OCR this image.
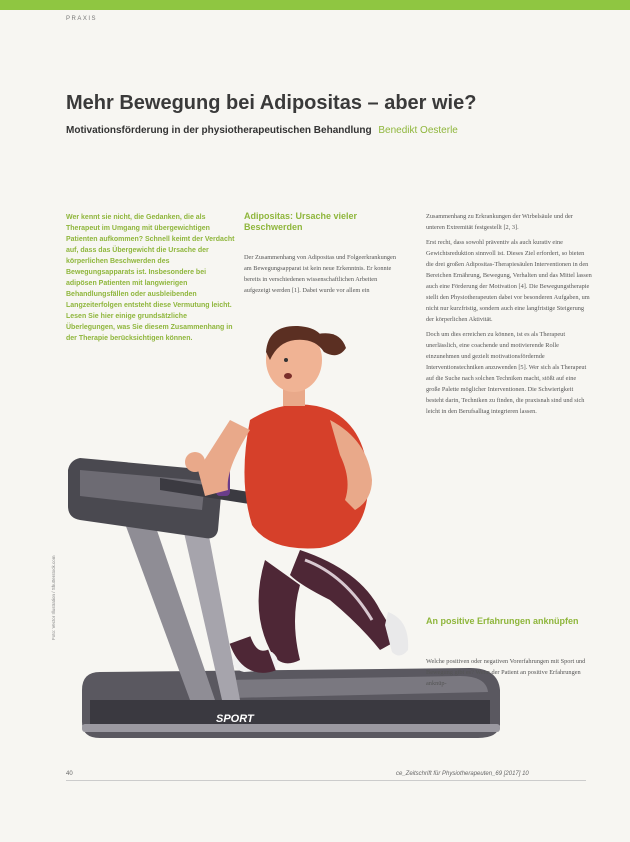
PRAXIS
Mehr Bewegung bei Adipositas – aber wie?
Motivationsförderung in der physiotherapeutischen Behandlung Benedikt Oesterle
SPORT
Foto: Vector Illustration / Shutterstock.com
Wer kennt sie nicht, die Gedanken, die als Therapeut im Umgang mit übergewichtigen Patienten aufkommen? Schnell keimt der Verdacht auf, dass das Übergewicht die Ursache der körperlichen Beschwerden des Bewegungsapparats ist. Insbesondere bei adipösen Patienten mit langwierigen Behandlungsfällen oder ausbleibenden Langzeiterfolgen entsteht diese Vermutung leicht. Lesen Sie hier einige grundsätzliche Überlegungen, was Sie diesem Zusammenhang in der Therapie berücksichtigen können.
Adipositas: Ursache vieler Beschwerden

Der Zusammenhang von Adipositas und Folgeerkrankungen am Bewegungsapparat ist kein neue Erkenntnis. Er konnte bereits in verschiedenen wissenschaftlichen Arbeiten aufgezeigt werden [1]. Dabei wurde vor allem ein

Zusammenhang zu Erkrankungen der Wirbelsäule und der unteren Extremität festgestellt [2, 3].

Erst recht, dass sowohl präventiv als auch kurativ eine Gewichtsreduktion sinnvoll ist. Dieses Ziel erfordert, so bieten die drei großen Adipositas-Therapiesäulen Interventionen in den Bereichen Ernährung, Bewegung, Verhalten und das Mittel lassen auch eine Förderung der Motivation [4]. Die Bewegungstherapie stellt den Physiotherapeuten dabei vor besonderen Aufgaben, um nicht nur kurzfristig, sondern auch eine langfristige Steigerung der körperlichen Aktivität.

Doch um dies erreichen zu können, ist es als Therapeut unerlässlich, eine coachende und motivierende Rolle einzunehmen und gezielt motivationsfördernde Interventionstechniken anzuwenden [5]. Wer sich als Therapeut auf die Suche nach solchen Techniken macht, stößt auf eine große Palette möglicher Interventionen. Die Schwierigkeit besteht darin, Techniken zu finden, die praxisnah sind und sich leicht in den Berufsalltag integrieren lassen.

An positive Erfahrungen anknüpfen

Welche positiven oder negativen Vorerfahrungen mit Sport und Bewegung gibt es? Wenn der Patient an positive Erfahrungen anknüp-

40	ce_Zeitschrift für Physiotherapeuten_69 [2017] 10
